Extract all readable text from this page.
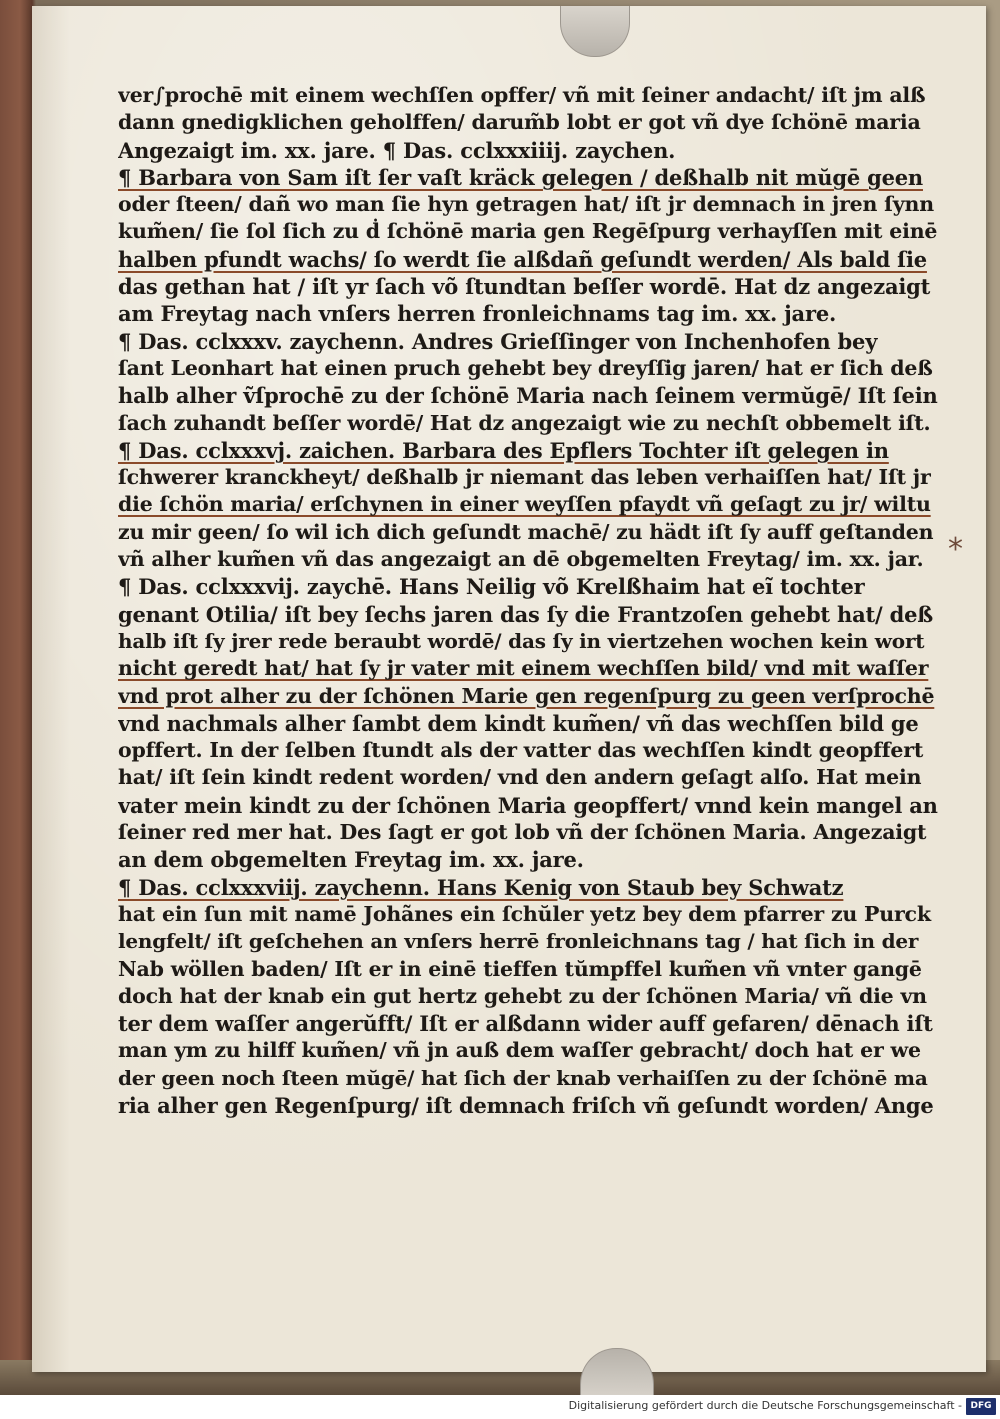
ver∫prochē mit einem wechſſen opffer/ vñ mit ſeiner andacht/ iſt jm alß
dann gnedigklichen geholffen/ darum̃b lobt er got vñ dye ſchönē maria
Angezaigt im. xx. jare. ¶ Das. cclxxxiiij. zaychen.
¶ Barbara von Sam iſt ſer vaſt kräck gelegen / deßhalb nit mŭgē geen
oder ſteen/ dañ wo man ſie hyn getragen hat/ iſt jr demnach in jren ſynn
kum̃en/ ſie ſol ſich zu ḋ ſchönē maria gen Regēſpurg verhayſſen mit einē
halben pfundt wachs/ ſo werdt ſie alßdañ geſundt werden/ Als bald ſie
das gethan hat / iſt yr ſach võ ſtundtan beſſer wordē. Hat dz angezaigt
am Freytag nach vnſers herren fronleichnams tag im. xx. jare.
¶ Das. cclxxxv. zaychenn. Andres Grieſſinger von Inchenhofen bey
ſant Leonhart hat einen pruch gehebt bey dreyſſig jaren/ hat er ſich deß
halb alher ṽſprochē zu der ſchönē Maria nach ſeinem vermŭgē/ Iſt ſein
ſach zuhandt beſſer wordē/ Hat dz angezaigt wie zu nechſt obbemelt iſt.
¶ Das. cclxxxvj. zaichen. Barbara des Epflers Tochter iſt gelegen in
ſchwerer kranckheyt/ deßhalb jr niemant das leben verhaiſſen hat/ Iſt jr
die ſchön maria/ erſchynen in einer weyſſen pfaydt vñ geſagt zu jr/ wiltu
zu mir geen/ ſo wil ich dich geſundt machē/ zu hädt iſt ſy auff geſtanden
vñ alher kum̃en vñ das angezaigt an dē obgemelten Freytag/ im. xx. jar.
¶ Das. cclxxxvij. zaychē. Hans Neilig võ Krelßhaim hat eĩ tochter
genant Otilia/ iſt bey ſechs jaren das ſy die Frantzoſen gehebt hat/ deß
halb iſt ſy jrer rede beraubt wordē/ das ſy in viertzehen wochen kein wort
nicht geredt hat/ hat ſy jr vater mit einem wechſſen bild/ vnd mit waſſer
vnd prot alher zu der ſchönen Marie gen regenſpurg zu geen verſprochē
vnd nachmals alher ſambt dem kindt kum̃en/ vñ das wechſſen bild ge
opffert. In der ſelben ſtundt als der vatter das wechſſen kindt geopffert
hat/ iſt ſein kindt redent worden/ vnd den andern geſagt alſo. Hat mein
vater mein kindt zu der ſchönen Maria geopffert/ vnnd kein mangel an
ſeiner red mer hat. Des ſagt er got lob vñ der ſchönen Maria. Angezaigt
an dem obgemelten Freytag im. xx. jare.
¶ Das. cclxxxviij. zaychenn. Hans Kenig von Staub bey Schwatz
hat ein ſun mit namē Johãnes ein ſchŭler yetz bey dem pfarrer zu Purck
lengfelt/ iſt geſchehen an vnſers herrē fronleichnans tag / hat ſich in der
Nab wöllen baden/ Iſt er in einē tieffen tŭmpffel kum̃en vñ vnter gangē
doch hat der knab ein gut hertz gehebt zu der ſchönen Maria/ vñ die vn
ter dem waſſer angerŭfft/ Iſt er alßdann wider auff gefaren/ dēnach iſt
man ym zu hilff kum̃en/ vñ jn auß dem waſſer gebracht/ doch hat er we
der geen noch ſteen mŭgē/ hat ſich der knab verhaiſſen zu der ſchönē ma
ria alher gen Regenſpurg/ iſt demnach friſch vñ geſundt worden/ Ange
*
Digitalisierung gefördert durch die Deutsche Forschungsgemeinschaft - DFG
